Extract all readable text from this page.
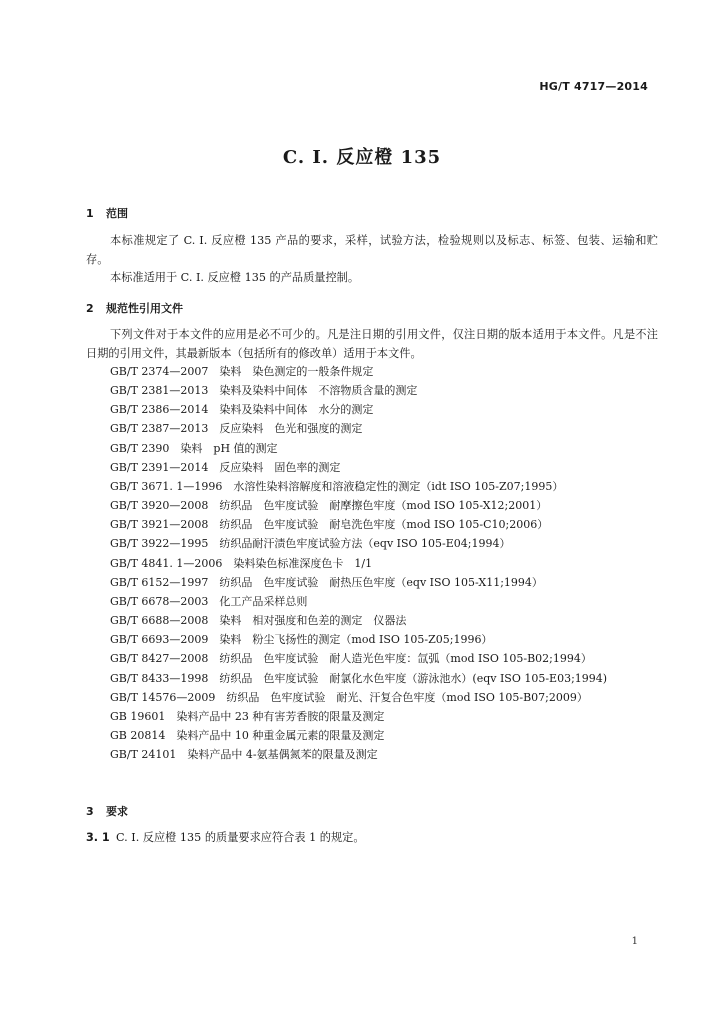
HG/T 4717—2014
C. I. 反应橙 135
1 范围
本标准规定了 C. I. 反应橙 135 产品的要求，采样，试验方法，检验规则以及标志、标签、包装、运输和贮存。
本标准适用于 C. I. 反应橙 135 的产品质量控制。
2 规范性引用文件
下列文件对于本文件的应用是必不可少的。凡是注日期的引用文件，仅注日期的版本适用于本文件。凡是不注日期的引用文件，其最新版本（包括所有的修改单）适用于本文件。
GB/T 2374—2007　染料　染色测定的一般条件规定
GB/T 2381—2013　染料及染料中间体　不溶物质含量的测定
GB/T 2386—2014　染料及染料中间体　水分的测定
GB/T 2387—2013　反应染料　色光和强度的测定
GB/T 2390　染料　pH 值的测定
GB/T 2391—2014　反应染料　固色率的测定
GB/T 3671. 1—1996　水溶性染料溶解度和溶液稳定性的测定（idt ISO 105-Z07;1995）
GB/T 3920—2008　纺织品　色牢度试验　耐摩擦色牢度（mod ISO 105-X12;2001）
GB/T 3921—2008　纺织品　色牢度试验　耐皂洗色牢度（mod ISO 105-C10;2006）
GB/T 3922—1995　纺织品耐汗渍色牢度试验方法（eqv ISO 105-E04;1994）
GB/T 4841. 1—2006　染料染色标准深度色卡　1/1
GB/T 6152—1997　纺织品　色牢度试验　耐热压色牢度（eqv ISO 105-X11;1994）
GB/T 6678—2003　化工产品采样总则
GB/T 6688—2008　染料　相对强度和色差的测定　仪器法
GB/T 6693—2009　染料　粉尘飞扬性的测定（mod ISO 105-Z05;1996）
GB/T 8427—2008　纺织品　色牢度试验　耐人造光色牢度：氙弧（mod ISO 105-B02;1994）
GB/T 8433—1998　纺织品　色牢度试验　耐氯化水色牢度（游泳池水）(eqv ISO 105-E03;1994)
GB/T 14576—2009　纺织品　色牢度试验　耐光、汗复合色牢度（mod ISO 105-B07;2009）
GB 19601　染料产品中 23 种有害芳香胺的限量及测定
GB 20814　染料产品中 10 种重金属元素的限量及测定
GB/T 24101　染料产品中 4-氨基偶氮苯的限量及测定
3 要求
3. 1 C. I. 反应橙 135 的质量要求应符合表 1 的规定。
1
